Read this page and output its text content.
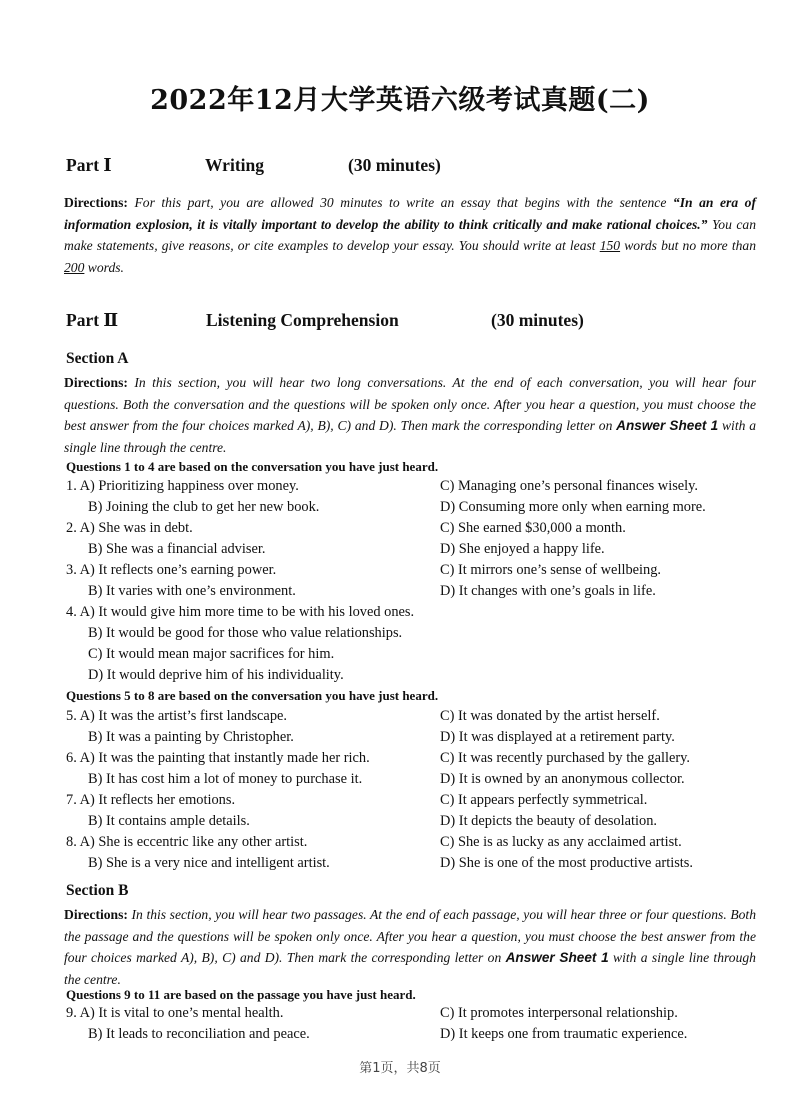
2022年12月大学英语六级考试真题(二)
Part Ⅰ	Writing	(30 minutes)
Directions: For this part, you are allowed 30 minutes to write an essay that begins with the sentence “In an era of information explosion, it is vitally important to develop the ability to think critically and make rational choices.” You can make statements, give reasons, or cite examples to develop your essay. You should write at least 150 words but no more than 200 words.
Part Ⅱ	Listening Comprehension	(30 minutes)
Section A
Directions: In this section, you will hear two long conversations. At the end of each conversation, you will hear four questions. Both the conversation and the questions will be spoken only once. After you hear a question, you must choose the best answer from the four choices marked A), B), C) and D). Then mark the corresponding letter on Answer Sheet 1 with a single line through the centre.
Questions 1 to 4 are based on the conversation you have just heard.
1. A) Prioritizing happiness over money.	C) Managing one’s personal finances wisely.
B) Joining the club to get her new book.	D) Consuming more only when earning more.
2. A) She was in debt.	C) She earned $30,000 a month.
B) She was a financial adviser.	D) She enjoyed a happy life.
3. A) It reflects one’s earning power.	C) It mirrors one’s sense of wellbeing.
B) It varies with one’s environment.	D) It changes with one’s goals in life.
4. A) It would give him more time to be with his loved ones.
B) It would be good for those who value relationships.
C) It would mean major sacrifices for him.
D) It would deprive him of his individuality.
Questions 5 to 8 are based on the conversation you have just heard.
5. A) It was the artist’s first landscape.	C) It was donated by the artist herself.
B) It was a painting by Christopher.	D) It was displayed at a retirement party.
6. A) It was the painting that instantly made her rich.	C) It was recently purchased by the gallery.
B) It has cost him a lot of money to purchase it.	D) It is owned by an anonymous collector.
7. A) It reflects her emotions.	C) It appears perfectly symmetrical.
B) It contains ample details.	D) It depicts the beauty of desolation.
8. A) She is eccentric like any other artist.	C) She is as lucky as any acclaimed artist.
B) She is a very nice and intelligent artist.	D) She is one of the most productive artists.
Section B
Directions: In this section, you will hear two passages. At the end of each passage, you will hear three or four questions. Both the passage and the questions will be spoken only once. After you hear a question, you must choose the best answer from the four choices marked A), B), C) and D). Then mark the corresponding letter on Answer Sheet 1 with a single line through the centre.
Questions 9 to 11 are based on the passage you have just heard.
9. A) It is vital to one’s mental health.	C) It promotes interpersonal relationship.
B) It leads to reconciliation and peace.	D) It keeps one from traumatic experience.
第1页，共8页
